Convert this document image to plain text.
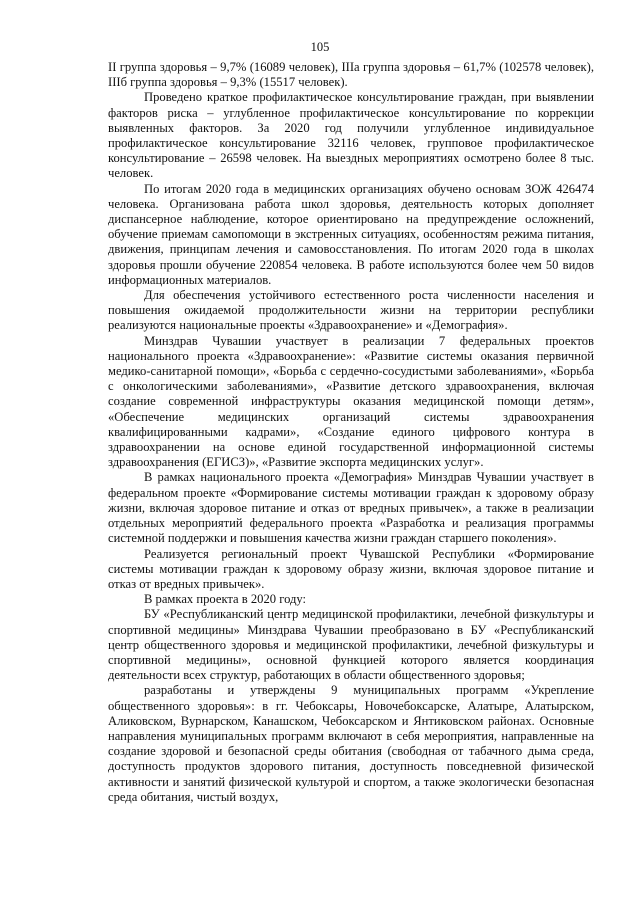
105

II группа здоровья – 9,7% (16089 человек), IIIа группа здоровья – 61,7% (102578 человек), IIIб группа здоровья – 9,3% (15517 человек).

Проведено краткое профилактическое консультирование граждан, при выявлении факторов риска – углубленное профилактическое консультирование по коррекции выявленных факторов. За 2020 год получили углубленное индивидуальное профилактическое консультирование 32116 человек, групповое профилактическое консультирование – 26598 человек. На выездных мероприятиях осмотрено более 8 тыс. человек.

По итогам 2020 года в медицинских организациях обучено основам ЗОЖ 426474 человека. Организована работа школ здоровья, деятельность которых дополняет диспансерное наблюдение, которое ориентировано на предупреждение осложнений, обучение приемам самопомощи в экстренных ситуациях, особенностям режима питания, движения, принципам лечения и самовосстановления. По итогам 2020 года в школах здоровья прошли обучение 220854 человека. В работе используются более чем 50 видов информационных материалов.

Для обеспечения устойчивого естественного роста численности населения и повышения ожидаемой продолжительности жизни на территории республики реализуются национальные проекты «Здравоохранение» и «Демография».

Минздрав Чувашии участвует в реализации 7 федеральных проектов национального проекта «Здравоохранение»: «Развитие системы оказания первичной медико-санитарной помощи», «Борьба с сердечно-сосудистыми заболеваниями», «Борьба с онкологическими заболеваниями», «Развитие детского здравоохранения, включая создание современной инфраструктуры оказания медицинской помощи детям», «Обеспечение медицинских организаций системы здравоохранения квалифицированными кадрами», «Создание единого цифрового контура в здравоохранении на основе единой государственной информационной системы здравоохранения (ЕГИСЗ)», «Развитие экспорта медицинских услуг».

В рамках национального проекта «Демография» Минздрав Чувашии участвует в федеральном проекте «Формирование системы мотивации граждан к здоровому образу жизни, включая здоровое питание и отказ от вредных привычек», а также в реализации отдельных мероприятий федерального проекта «Разработка и реализация программы системной поддержки и повышения качества жизни граждан старшего поколения».

Реализуется региональный проект Чувашской Республики «Формирование системы мотивации граждан к здоровому образу жизни, включая здоровое питание и отказ от вредных привычек».

В рамках проекта в 2020 году:

БУ «Республиканский центр медицинской профилактики, лечебной физкультуры и спортивной медицины» Минздрава Чувашии преобразовано в БУ «Республиканский центр общественного здоровья и медицинской профилактики, лечебной физкультуры и спортивной медицины», основной функцией которого является координация деятельности всех структур, работающих в области общественного здоровья;

разработаны и утверждены 9 муниципальных программ «Укрепление общественного здоровья»: в гг. Чебоксары, Новочебоксарске, Алатыре, Алатырском, Аликовском, Вурнарском, Канашском, Чебоксарском и Янтиковском районах. Основные направления муниципальных программ включают в себя мероприятия, направленные на создание здоровой и безопасной среды обитания (свободная от табачного дыма среда, доступность продуктов здорового питания, доступность повседневной физической активности и занятий физической культурой и спортом, а также экологически безопасная среда обитания, чистый воздух,
